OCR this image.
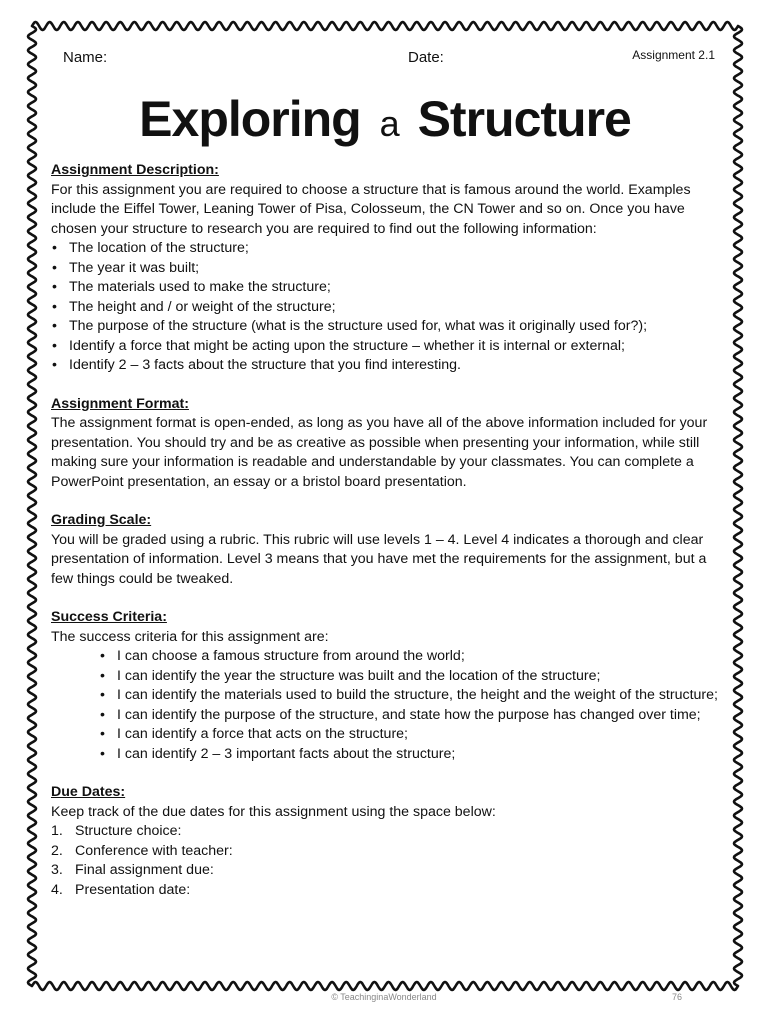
Name:	Date:	Assignment 2.1
Exploring a Structure
Assignment Description:

For this assignment you are required to choose a structure that is famous around the world. Examples include the Eiffel Tower, Leaning Tower of Pisa, Colosseum, the CN Tower and so on. Once you have chosen your structure to research you are required to find out the following information:

• The location of the structure;
• The year it was built;
• The materials used to make the structure;
• The height and / or weight of the structure;
• The purpose of the structure (what is the structure used for, what was it originally used for?);
• Identify a force that might be acting upon the structure – whether it is internal or external;
• Identify 2 – 3 facts about the structure that you find interesting.
Assignment Format:

The assignment format is open-ended, as long as you have all of the above information included for your presentation. You should try and be as creative as possible when presenting your information, while still making sure your information is readable and understandable by your classmates. You can complete a PowerPoint presentation, an essay or a bristol board presentation.

Grading Scale:

You will be graded using a rubric. This rubric will use levels 1 – 4. Level 4 indicates a thorough and clear presentation of information. Level 3 means that you have met the requirements for the assignment, but a few things could be tweaked.

Success Criteria:

The success criteria for this assignment are:

• I can choose a famous structure from around the world;
• I can identify the year the structure was built and the location of the structure;
• I can identify the materials used to build the structure, the height and the weight of the structure;
• I can identify the purpose of the structure, and state how the purpose has changed over time;
• I can identify a force that acts on the structure;
• I can identify 2 – 3 important facts about the structure;
Due Dates:

Keep track of the due dates for this assignment using the space below:

1. Structure choice:
2. Conference with teacher:
3. Final assignment due:
4. Presentation date:
© TeachinginaWonderland	76
